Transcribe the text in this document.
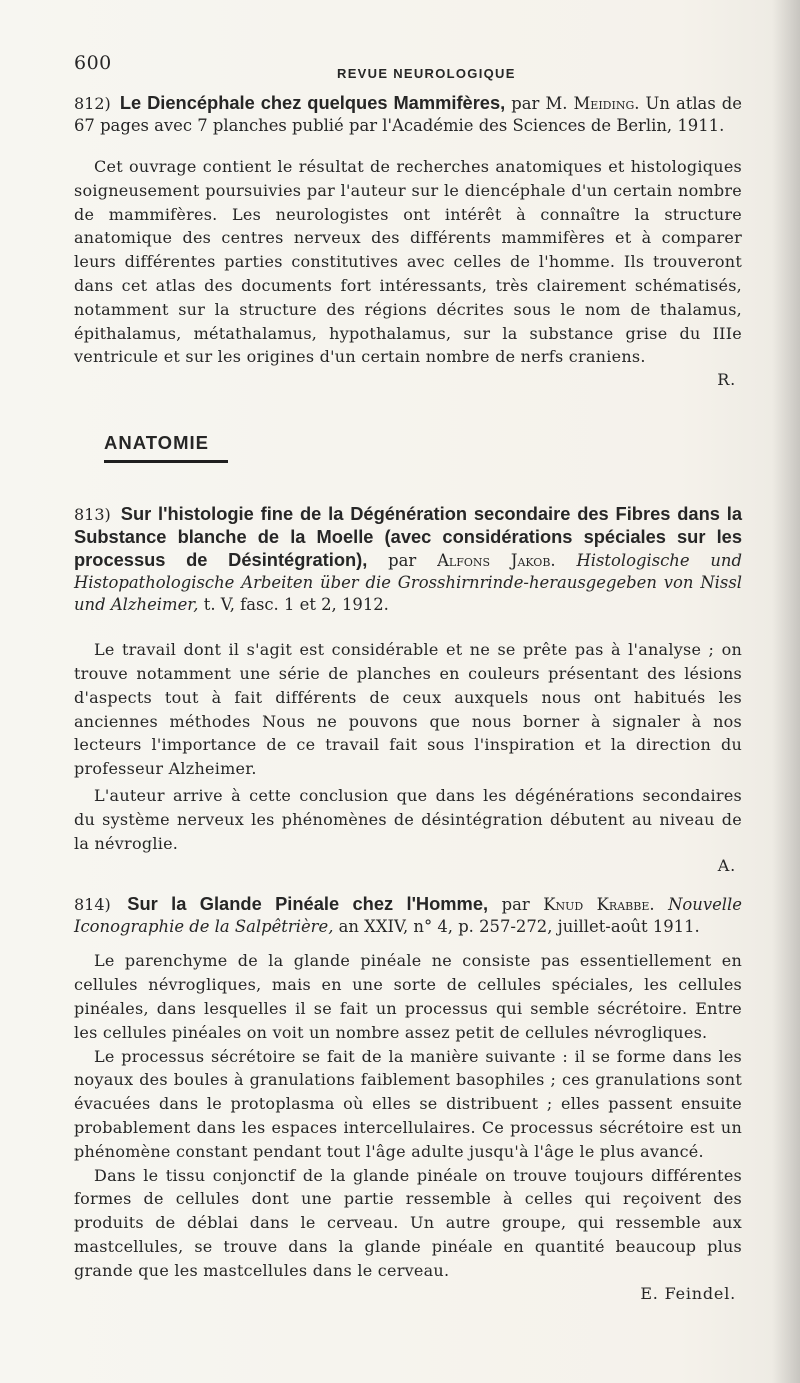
600	REVUE NEUROLOGIQUE

812) Le Diencéphale chez quelques Mammifères, par M. Meiding. Un atlas de 67 pages avec 7 planches publié par l'Académie des Sciences de Berlin, 1911.

Cet ouvrage contient le résultat de recherches anatomiques et histologiques soigneusement poursuivies par l'auteur sur le diencéphale d'un certain nombre de mammifères. Les neurologistes ont intérêt à connaître la structure anatomique des centres nerveux des différents mammifères et à comparer leurs différentes parties constitutives avec celles de l'homme. Ils trouveront dans cet atlas des documents fort intéressants, très clairement schématisés, notamment sur la structure des régions décrites sous le nom de thalamus, épithalamus, métathalamus, hypothalamus, sur la substance grise du IIIe ventricule et sur les origines d'un certain nombre de nerfs craniens.

R.

ANATOMIE

813) Sur l'histologie fine de la Dégénération secondaire des Fibres dans la Substance blanche de la Moelle (avec considérations spéciales sur les processus de Désintégration), par Alfons Jakob. Histologische und Histopathologische Arbeiten über die Grosshirnrinde-herausgegeben von Nissl und Alzheimer, t. V, fasc. 1 et 2, 1912.

Le travail dont il s'agit est considérable et ne se prête pas à l'analyse ; on trouve notamment une série de planches en couleurs présentant des lésions d'aspects tout à fait différents de ceux auxquels nous ont habitués les anciennes méthodes Nous ne pouvons que nous borner à signaler à nos lecteurs l'importance de ce travail fait sous l'inspiration et la direction du professeur Alzheimer.

L'auteur arrive à cette conclusion que dans les dégénérations secondaires du système nerveux les phénomènes de désintégration débutent au niveau de la névroglie.

A.

814) Sur la Glande Pinéale chez l'Homme, par Knud Krabbe. Nouvelle Iconographie de la Salpêtrière, an XXIV, n° 4, p. 257-272, juillet-août 1911.

Le parenchyme de la glande pinéale ne consiste pas essentiellement en cellules névrogliques, mais en une sorte de cellules spéciales, les cellules pinéales, dans lesquelles il se fait un processus qui semble sécrétoire. Entre les cellules pinéales on voit un nombre assez petit de cellules névrogliques.

Le processus sécrétoire se fait de la manière suivante : il se forme dans les noyaux des boules à granulations faiblement basophiles ; ces granulations sont évacuées dans le protoplasma où elles se distribuent ; elles passent ensuite probablement dans les espaces intercellulaires. Ce processus sécrétoire est un phénomène constant pendant tout l'âge adulte jusqu'à l'âge le plus avancé.

Dans le tissu conjonctif de la glande pinéale on trouve toujours différentes formes de cellules dont une partie ressemble à celles qui reçoivent des produits de déblai dans le cerveau. Un autre groupe, qui ressemble aux mastcellules, se trouve dans la glande pinéale en quantité beaucoup plus grande que les mastcellules dans le cerveau.

E. Feindel.
